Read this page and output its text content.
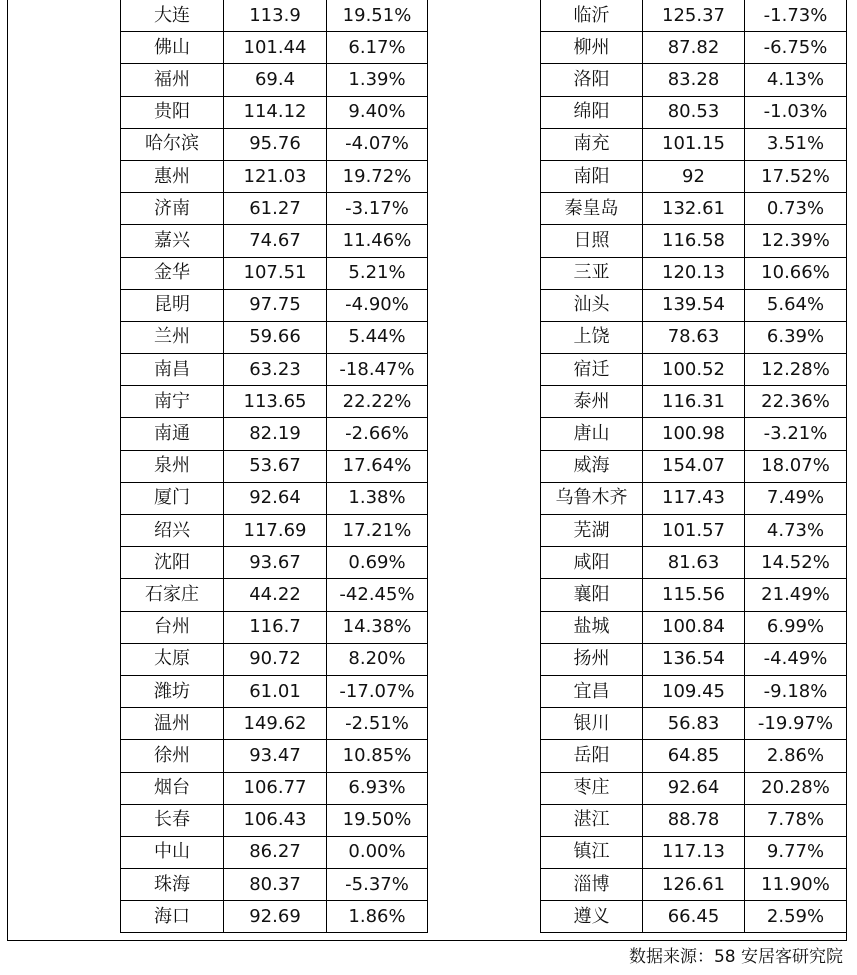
大连	113.9	19.51%
佛山	101.44	6.17%
福州	69.4	1.39%
贵阳	114.12	9.40%
哈尔滨	95.76	-4.07%
惠州	121.03	19.72%
济南	61.27	-3.17%
嘉兴	74.67	11.46%
金华	107.51	5.21%
昆明	97.75	-4.90%
兰州	59.66	5.44%
南昌	63.23	-18.47%
南宁	113.65	22.22%
南通	82.19	-2.66%
泉州	53.67	17.64%
厦门	92.64	1.38%
绍兴	117.69	17.21%
沈阳	93.67	0.69%
石家庄	44.22	-42.45%
台州	116.7	14.38%
太原	90.72	8.20%
潍坊	61.01	-17.07%
温州	149.62	-2.51%
徐州	93.47	10.85%
烟台	106.77	6.93%
长春	106.43	19.50%
中山	86.27	0.00%
珠海	80.37	-5.37%
海口	92.69	1.86%
临沂	125.37	-1.73%
柳州	87.82	-6.75%
洛阳	83.28	4.13%
绵阳	80.53	-1.03%
南充	101.15	3.51%
南阳	92	17.52%
秦皇岛	132.61	0.73%
日照	116.58	12.39%
三亚	120.13	10.66%
汕头	139.54	5.64%
上饶	78.63	6.39%
宿迁	100.52	12.28%
泰州	116.31	22.36%
唐山	100.98	-3.21%
威海	154.07	18.07%
乌鲁木齐	117.43	7.49%
芜湖	101.57	4.73%
咸阳	81.63	14.52%
襄阳	115.56	21.49%
盐城	100.84	6.99%
扬州	136.54	-4.49%
宜昌	109.45	-9.18%
银川	56.83	-19.97%
岳阳	64.85	2.86%
枣庄	92.64	20.28%
湛江	88.78	7.78%
镇江	117.13	9.77%
淄博	126.61	11.90%
遵义	66.45	2.59%
数据来源：58 安居客研究院
